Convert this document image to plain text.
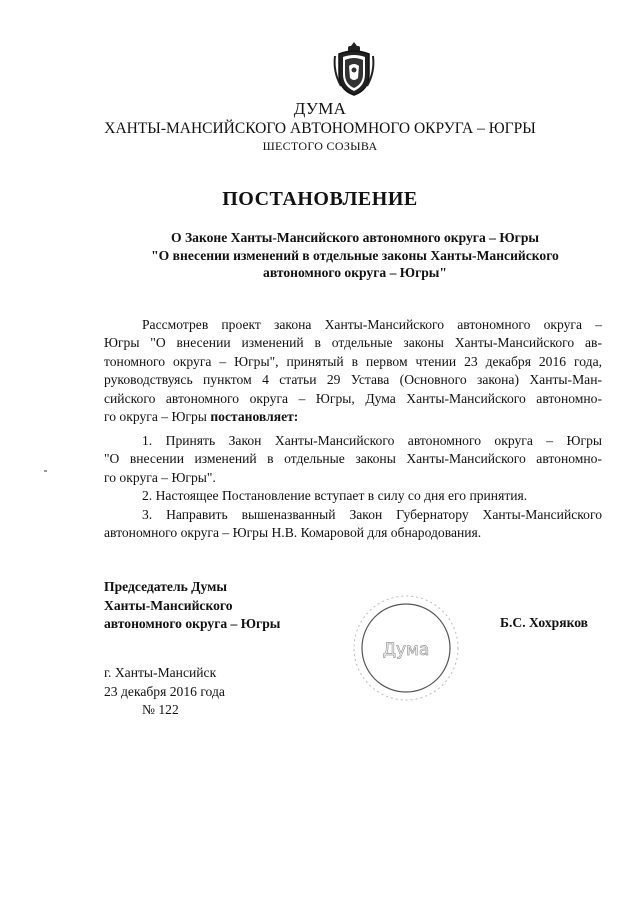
ДУМА
ХАНТЫ-МАНСИЙСКОГО АВТОНОМНОГО ОКРУГА – ЮГРЫ
ШЕСТОГО СОЗЫВА
ПОСТАНОВЛЕНИЕ
О Законе Ханты-Мансийского автономного округа – Югры
"О внесении изменений в отдельные законы Ханты-Мансийского
автономного округа – Югры"
Рассмотрев проект закона Ханты-Мансийского автономного округа –
Югры "О внесении изменений в отдельные законы Ханты-Мансийского ав-
тономного округа – Югры", принятый в первом чтении 23 декабря 2016 года,
руководствуясь пунктом 4 статьи 29 Устава (Основного закона) Ханты-Ман-
сийского автономного округа – Югры, Дума Ханты-Мансийского автономно-
го округа – Югры постановляет:
1. Принять Закон Ханты-Мансийского автономного округа – Югры
"О внесении изменений в отдельные законы Ханты-Мансийского автономно-
го округа – Югры".
2. Настоящее Постановление вступает в силу со дня его принятия.
3. Направить вышеназванный Закон Губернатору Ханты-Мансийского
автономного округа – Югры Н.В. Комаровой для обнародования.
Председатель Думы
Ханты-Мансийского
автономного округа – Югры	Б.С. Хохряков
Дума
г. Ханты-Мансийск
23 декабря 2016 года
№ 122
